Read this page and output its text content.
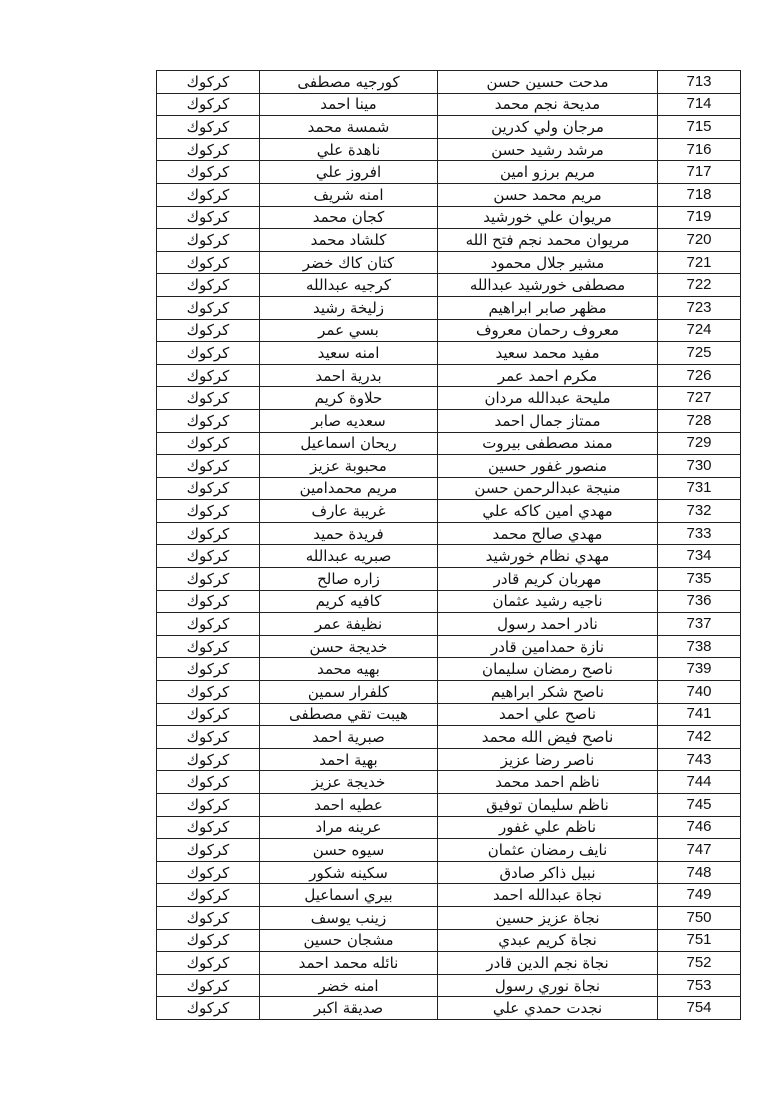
كركوك	كورجيه مصطفى	مدحت حسين حسن	713
كركوك	مينا احمد	مديحة نجم محمد	714
كركوك	شمسة محمد	مرجان ولي كدرين	715
كركوك	ناهدة علي	مرشد رشيد حسن	716
كركوك	افروز علي	مريم برزو امين	717
كركوك	امنه شريف	مريم محمد حسن	718
كركوك	كجان محمد	مريوان علي خورشيد	719
كركوك	كلشاد محمد	مريوان محمد نجم فتح الله	720
كركوك	كتان كاك خضر	مشير جلال محمود	721
كركوك	كرجيه عبدالله	مصطفى خورشيد عبدالله	722
كركوك	زليخة رشيد	مظهر صابر ابراهيم	723
كركوك	بسي عمر	معروف رحمان معروف	724
كركوك	امنه سعيد	مفيد محمد سعيد	725
كركوك	بدرية احمد	مكرم احمد عمر	726
كركوك	حلاوة كريم	مليحة عبدالله مردان	727
كركوك	سعديه صابر	ممتاز جمال احمد	728
كركوك	ريحان اسماعيل	ممند مصطفى بيروت	729
كركوك	محبوبة عزيز	منصور غفور حسين	730
كركوك	مريم محمدامين	منيجة عبدالرحمن حسن	731
كركوك	غريبة عارف	مهدي امين كاكه علي	732
كركوك	فريدة حميد	مهدي صالح محمد	733
كركوك	صبريه عبدالله	مهدي نظام خورشيد	734
كركوك	زاره صالح	مهربان كريم قادر	735
كركوك	كافيه كريم	ناجيه رشيد عثمان	736
كركوك	نظيفة عمر	نادر احمد رسول	737
كركوك	خديجة حسن	نازة حمدامين قادر	738
كركوك	بهيه محمد	ناصح رمضان سليمان	739
كركوك	كلفرار سمين	ناصح شكر ابراهيم	740
كركوك	هيبت تقي مصطفى	ناصح علي احمد	741
كركوك	صبرية احمد	ناصح فيض الله محمد	742
كركوك	بهية احمد	ناصر رضا عزيز	743
كركوك	خديجة عزيز	ناظم احمد محمد	744
كركوك	عطيه احمد	ناظم سليمان توفيق	745
كركوك	عرينه مراد	ناظم علي غفور	746
كركوك	سيوه حسن	نايف رمضان عثمان	747
كركوك	سكينه شكور	نبيل ذاكر صادق	748
كركوك	بيري اسماعيل	نجاة عبدالله احمد	749
كركوك	زينب يوسف	نجاة عزيز حسين	750
كركوك	مشجان حسين	نجاة كريم عبدي	751
كركوك	نائله محمد احمد	نجاة نجم الدين قادر	752
كركوك	امنه خضر	نجاة نوري رسول	753
كركوك	صديقة اكبر	نجدت حمدي علي	754
